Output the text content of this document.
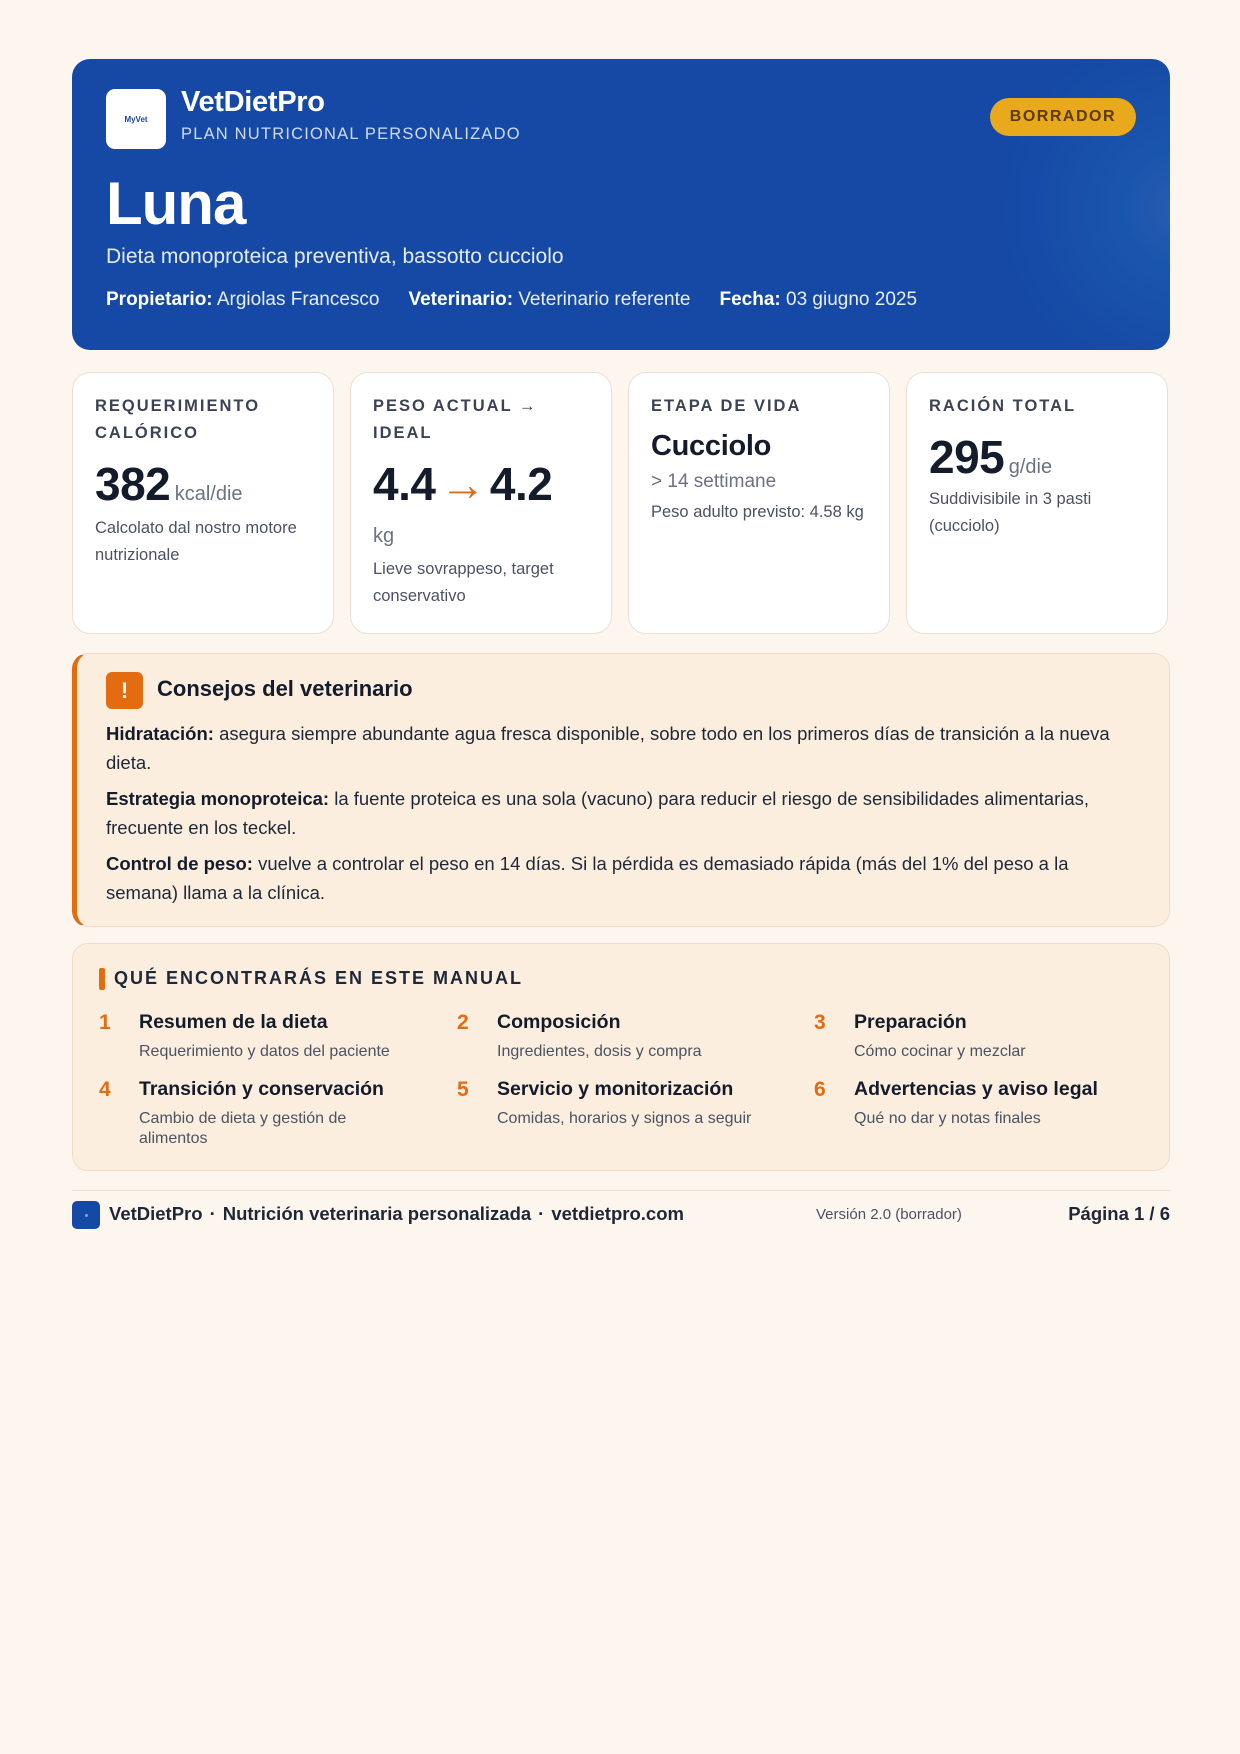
MyVet
VetDietPro
PLAN NUTRICIONAL PERSONALIZADO
BORRADOR
Luna
Dieta monoproteica preventiva, bassotto cucciolo
Propietario: Argiolas Francesco Veterinario: Veterinario referente Fecha: 03 giugno 2025
REQUERIMIENTO CALÓRICO
382 kcal/die
Calcolato dal nostro motore nutrizionale
PESO ACTUAL → IDEAL
4.4 → 4.2
kg
Lieve sovrappeso, target conservativo
ETAPA DE VIDA
Cucciolo
> 14 settimane
Peso adulto previsto: 4.58 kg
RACIÓN TOTAL
295 g/die
Suddivisibile in 3 pasti (cucciolo)
!	Consejos del veterinario
Hidratación: asegura siempre abundante agua fresca disponible, sobre todo en los primeros días de transición a la nueva dieta.
Estrategia monoproteica: la fuente proteica es una sola (vacuno) para reducir el riesgo de sensibilidades alimentarias, frecuente en los teckel.
Control de peso: vuelve a controlar el peso en 14 días. Si la pérdida es demasiado rápida (más del 1% del peso a la semana) llama a la clínica.
QUÉ ENCONTRARÁS EN ESTE MANUAL
1 Resumen de la dieta
Requerimiento y datos del paciente
2 Composición
Ingredientes, dosis y compra
3 Preparación
Cómo cocinar y mezclar
4 Transición y conservación
Cambio de dieta y gestión de alimentos
5 Servicio y monitorización
Comidas, horarios y signos a seguir
6 Advertencias y aviso legal
Qué no dar y notas finales
VetDietPro · Nutrición veterinaria personalizada · vetdietpro.com	Versión 2.0 (borrador)	Página 1 / 6
